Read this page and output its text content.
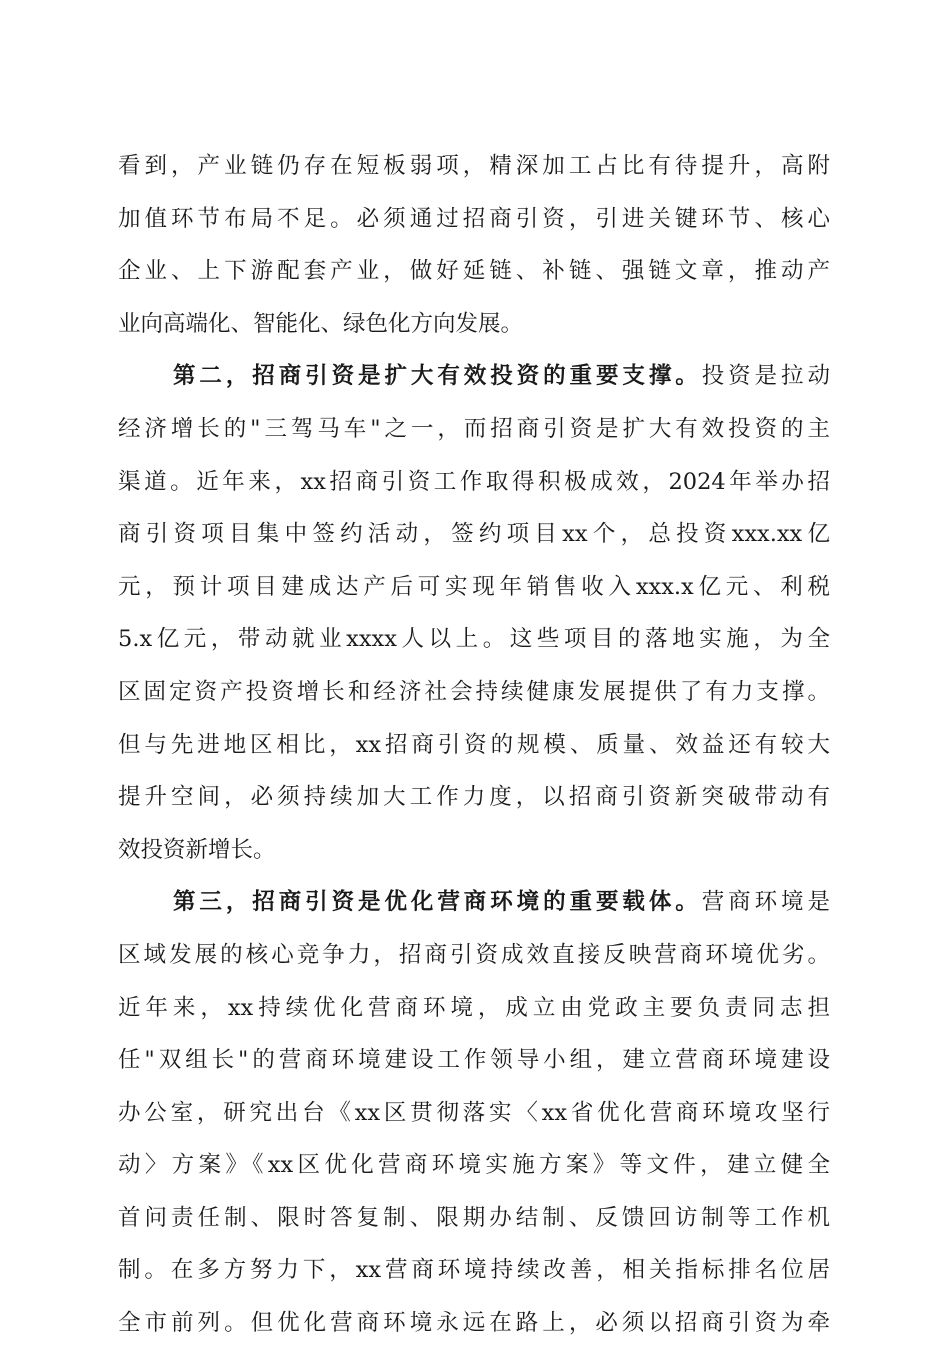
看到，产业链仍存在短板弱项，精深加工占比有待提升，高附
加值环节布局不足。必须通过招商引资，引进关键环节、核心
企业、上下游配套产业，做好延链、补链、强链文章，推动产
业向高端化、智能化、绿色化方向发展。
第二，招商引资是扩大有效投资的重要支撑。投资是拉动
经济增长的"三驾马车"之一，而招商引资是扩大有效投资的主
渠道。近年来，xx招商引资工作取得积极成效，2024年举办招
商引资项目集中签约活动，签约项目xx个，总投资xxx.xx亿
元，预计项目建成达产后可实现年销售收入xxx.x亿元、利税
5.x亿元，带动就业xxxx人以上。这些项目的落地实施，为全
区固定资产投资增长和经济社会持续健康发展提供了有力支撑。
但与先进地区相比，xx招商引资的规模、质量、效益还有较大
提升空间，必须持续加大工作力度，以招商引资新突破带动有
效投资新增长。
第三，招商引资是优化营商环境的重要载体。营商环境是
区域发展的核心竞争力，招商引资成效直接反映营商环境优劣。
近年来，xx持续优化营商环境，成立由党政主要负责同志担
任"双组长"的营商环境建设工作领导小组，建立营商环境建设
办公室，研究出台《xx区贯彻落实〈xx省优化营商环境攻坚行
动〉方案》《xx区优化营商环境实施方案》等文件，建立健全
首问责任制、限时答复制、限期办结制、反馈回访制等工作机
制。在多方努力下，xx营商环境持续改善，相关指标排名位居
全市前列。但优化营商环境永远在路上，必须以招商引资为牵
